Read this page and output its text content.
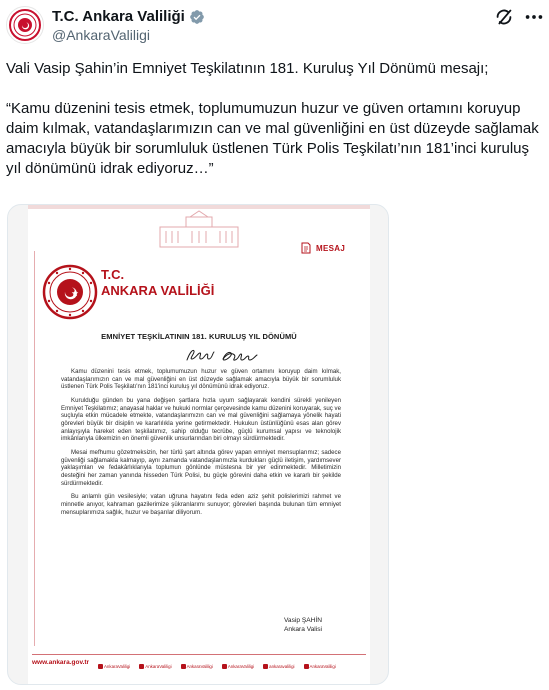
T.C. Ankara Valiliği
@AnkaraValiligi

Vali Vasip Şahin’in Emniyet Teşkilatının 181. Kuruluş Yıl Dönümü mesajı;

“Kamu düzenini tesis etmek, toplumumuzun huzur ve güven ortamını koruyup daim kılmak, vatandaşlarımızın can ve mal güvenliğini en üst düzeyde sağlamak amacıyla büyük bir sorumluluk üstlenen Türk Polis Teşkilatı’nın 181’inci kuruluş yıl dönümünü idrak ediyoruz…”

MESAJ
T.C.
ANKARA VALİLİĞİ
EMNİYET TEŞKİLATININ 181. KURULUŞ YIL DÖNÜMÜ

Kamu düzenini tesis etmek, toplumumuzun huzur ve güven ortamını koruyup daim kılmak, vatandaşlarımızın can ve mal güvenliğini en üst düzeyde sağlamak amacıyla büyük bir sorumluluk üstlenen Türk Polis Teşkilatı'nın 181'inci kuruluş yıl dönümünü idrak ediyoruz.

Kurulduğu günden bu yana değişen şartlara hızla uyum sağlayarak kendini sürekli yenileyen Emniyet Teşkilatımız; anayasal haklar ve hukuki normlar çerçevesinde kamu düzenini koruyarak, suç ve suçluyla etkin mücadele etmekte, vatandaşlarımızın can ve mal güvenliğini sağlamaya yönelik hayati görevleri büyük bir disiplin ve kararlılıkla yerine getirmektedir. Hukukun üstünlüğünü esas alan görev anlayışıyla hareket eden teşkilatımız, sahip olduğu tecrübe, güçlü kurumsal yapısı ve teknolojik imkânlarıyla ülkemizin en önemli güvenlik unsurlarından biri olmayı sürdürmektedir.

Mesai mefhumu gözetmeksizin, her türlü şart altında görev yapan emniyet mensuplarımız; sadece güvenliği sağlamakla kalmayıp, aynı zamanda vatandaşlarımızla kurdukları güçlü iletişim, yardımsever yaklaşımları ve fedakârlıklarıyla toplumun gönlünde müstesna bir yer edinmektedir. Milletimizin desteğini her zaman yanında hisseden Türk Polisi, bu güçle görevini daha etkin ve kararlı bir şekilde sürdürmektedir.

Bu anlamlı gün vesilesiyle; vatan uğruna hayatını feda eden aziz şehit polislerimizi rahmet ve minnetle anıyor, kahraman gazilerimize şükranlarımı sunuyor; görevleri başında bulunan tüm emniyet mensuplarımıza sağlık, huzur ve başarılar diliyorum.

Vasip ŞAHİN
Ankara Valisi
www.ankara.gov.tr
AnkaraValiligi	AnkaraValiligi	AnkaraValiligi	AnkaraValiligi	ankaravaliligi	AnkaraValiligi
